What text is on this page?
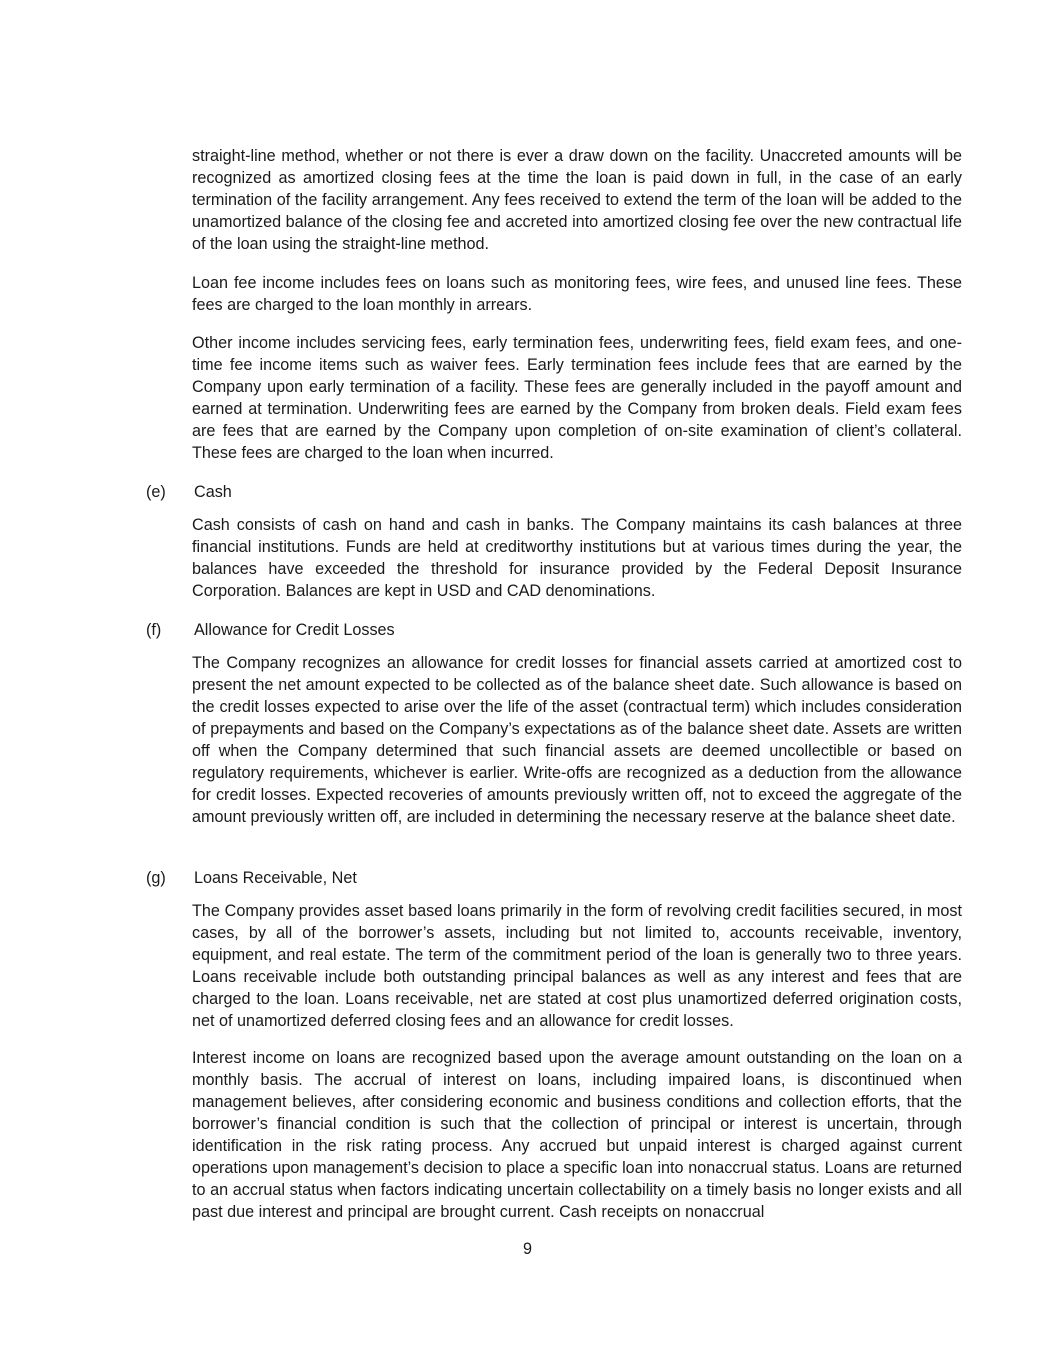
straight-line method, whether or not there is ever a draw down on the facility. Unaccreted amounts will be recognized as amortized closing fees at the time the loan is paid down in full, in the case of an early termination of the facility arrangement. Any fees received to extend the term of the loan will be added to the unamortized balance of the closing fee and accreted into amortized closing fee over the new contractual life of the loan using the straight-line method.

Loan fee income includes fees on loans such as monitoring fees, wire fees, and unused line fees. These fees are charged to the loan monthly in arrears.

Other income includes servicing fees, early termination fees, underwriting fees, field exam fees, and one-time fee income items such as waiver fees. Early termination fees include fees that are earned by the Company upon early termination of a facility. These fees are generally included in the payoff amount and earned at termination. Underwriting fees are earned by the Company from broken deals. Field exam fees are fees that are earned by the Company upon completion of on-site examination of client’s collateral. These fees are charged to the loan when incurred.

(e) Cash

Cash consists of cash on hand and cash in banks. The Company maintains its cash balances at three financial institutions. Funds are held at creditworthy institutions but at various times during the year, the balances have exceeded the threshold for insurance provided by the Federal Deposit Insurance Corporation. Balances are kept in USD and CAD denominations.

(f) Allowance for Credit Losses

The Company recognizes an allowance for credit losses for financial assets carried at amortized cost to present the net amount expected to be collected as of the balance sheet date. Such allowance is based on the credit losses expected to arise over the life of the asset (contractual term) which includes consideration of prepayments and based on the Company’s expectations as of the balance sheet date. Assets are written off when the Company determined that such financial assets are deemed uncollectible or based on regulatory requirements, whichever is earlier. Write-offs are recognized as a deduction from the allowance for credit losses. Expected recoveries of amounts previously written off, not to exceed the aggregate of the amount previously written off, are included in determining the necessary reserve at the balance sheet date.

(g) Loans Receivable, Net

The Company provides asset based loans primarily in the form of revolving credit facilities secured, in most cases, by all of the borrower’s assets, including but not limited to, accounts receivable, inventory, equipment, and real estate. The term of the commitment period of the loan is generally two to three years. Loans receivable include both outstanding principal balances as well as any interest and fees that are charged to the loan. Loans receivable, net are stated at cost plus unamortized deferred origination costs, net of unamortized deferred closing fees and an allowance for credit losses.

Interest income on loans are recognized based upon the average amount outstanding on the loan on a monthly basis. The accrual of interest on loans, including impaired loans, is discontinued when management believes, after considering economic and business conditions and collection efforts, that the borrower’s financial condition is such that the collection of principal or interest is uncertain, through identification in the risk rating process. Any accrued but unpaid interest is charged against current operations upon management’s decision to place a specific loan into nonaccrual status. Loans are returned to an accrual status when factors indicating uncertain collectability on a timely basis no longer exists and all past due interest and principal are brought current. Cash receipts on nonaccrual

9
